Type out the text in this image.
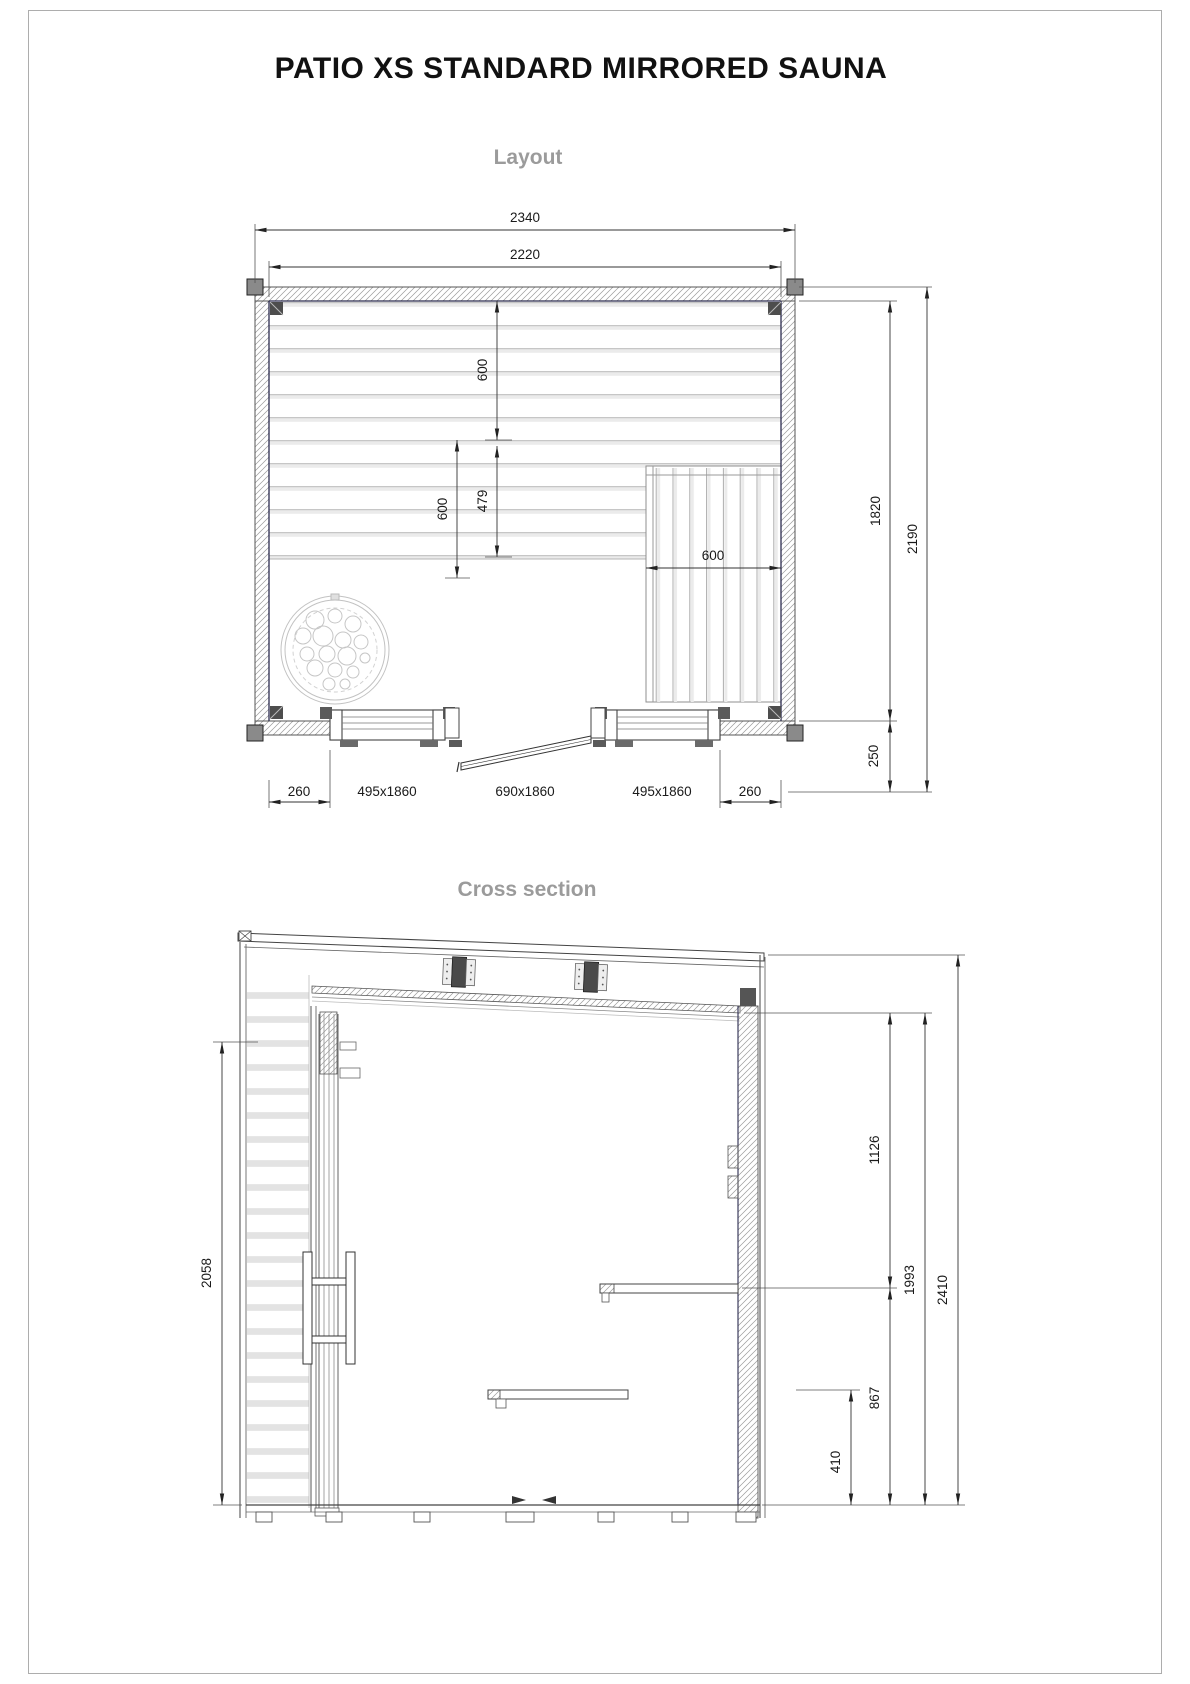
PATIO XS STANDARD MIRRORED SAUNA
Layout
Cross section
2340
2220
600
479
600
600
1820
250
2190
260	495x1860	690x1860	495x1860	260
2058
1126
867
1993 2410
410
